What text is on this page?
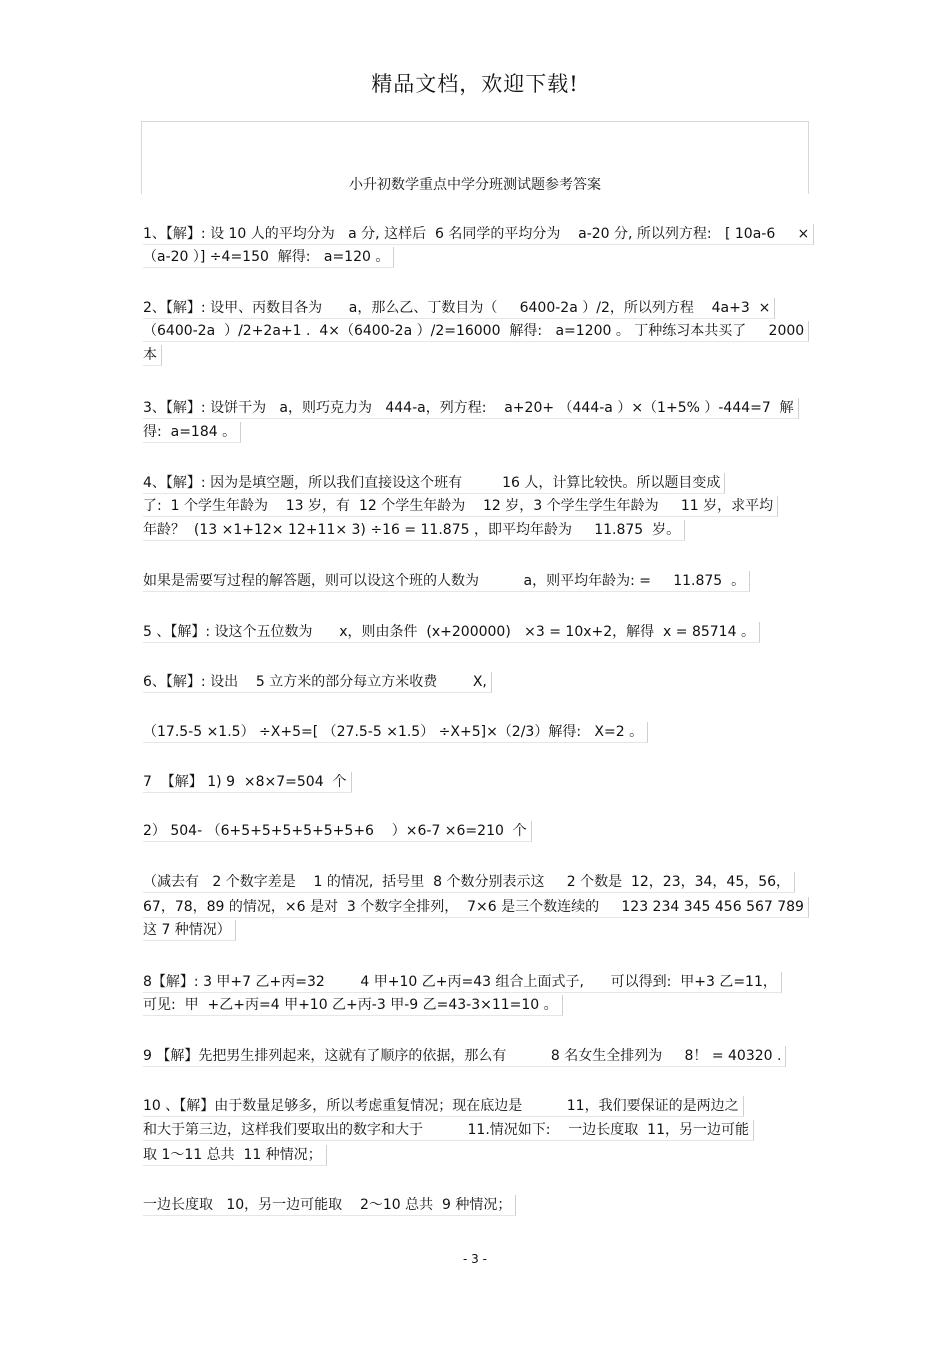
精品文档，欢迎下载!
小升初数学重点中学分班测试题参考答案
1、【解】: 设 10 人的平均分为   a 分, 这样后  6 名同学的平均分为    a-20 分, 所以列方程:   [ 10a-6     ×
（a-20 ）] ÷4=150  解得:   a=120 。
2、【解】: 设甲、丙数目各为      a，那么乙、丁数目为（     6400-2a ）/2，所以列方程    4a+3  ×
（6400-2a  ）/2+2a+1 .  4×（6400-2a ）/2=16000  解得:   a=1200 。 丁种练习本共买了     2000
本
3、【解】: 设饼干为   a，则巧克力为   444-a，列方程:    a+20+ （444-a ）×（1+5% ）-444=7  解
得:  a=184 。
4、【解】: 因为是填空题，所以我们直接设这个班有         16 人，计算比较快。所以题目变成
了:  1 个学生年龄为    13 岁，有  12 个学生年龄为    12 岁，3 个学生学生年龄为     11 岁，求平均
年龄？  (13 ×1+12× 12+11× 3) ÷16 = 11.875 ，即平均年龄为     11.875  岁。
如果是需要写过程的解答题，则可以设这个班的人数为          a，则平均年龄为: =     11.875  。
5 、【解】: 设这个五位数为      x，则由条件  (x+200000)   ×3 = 10x+2，解得  x = 85714 。
6、【解】: 设出    5 立方米的部分每立方米收费        X,
（17.5-5 ×1.5） ÷X+5=[ （27.5-5 ×1.5） ÷X+5]×（2/3）解得:   X=2 。
7  【解】 1) 9  ×8×7=504  个
2） 504- （6+5+5+5+5+5+5+6    ）×6-7 ×6=210  个
（减去有   2 个数字差是    1 的情况,  括号里  8 个数分别表示这     2 个数是  12，23，34，45，56，
67，78，89 的情况，×6 是对  3 个数字全排列，  7×6 是三个数连续的     123 234 345 456 567 789
这 7 种情况）
8【解】: 3 甲+7 乙+丙=32        4 甲+10 乙+丙=43 组合上面式子,      可以得到:  甲+3 乙=11，
可见:  甲  +乙+丙=4 甲+10 乙+丙-3 甲-9 乙=43-3×11=10 。
9 【解】先把男生排列起来，这就有了顺序的依据，那么有          8 名女生全排列为     8！ = 40320 .
10 、【解】由于数量足够多，所以考虑重复情况；现在底边是          11，我们要保证的是两边之
和大于第三边，这样我们要取出的数字和大于          11.情况如下:    一边长度取  11，另一边可能
取 1～11 总共  11 种情况；
一边长度取   10，另一边可能取    2～10 总共  9 种情况；
- 3 -
